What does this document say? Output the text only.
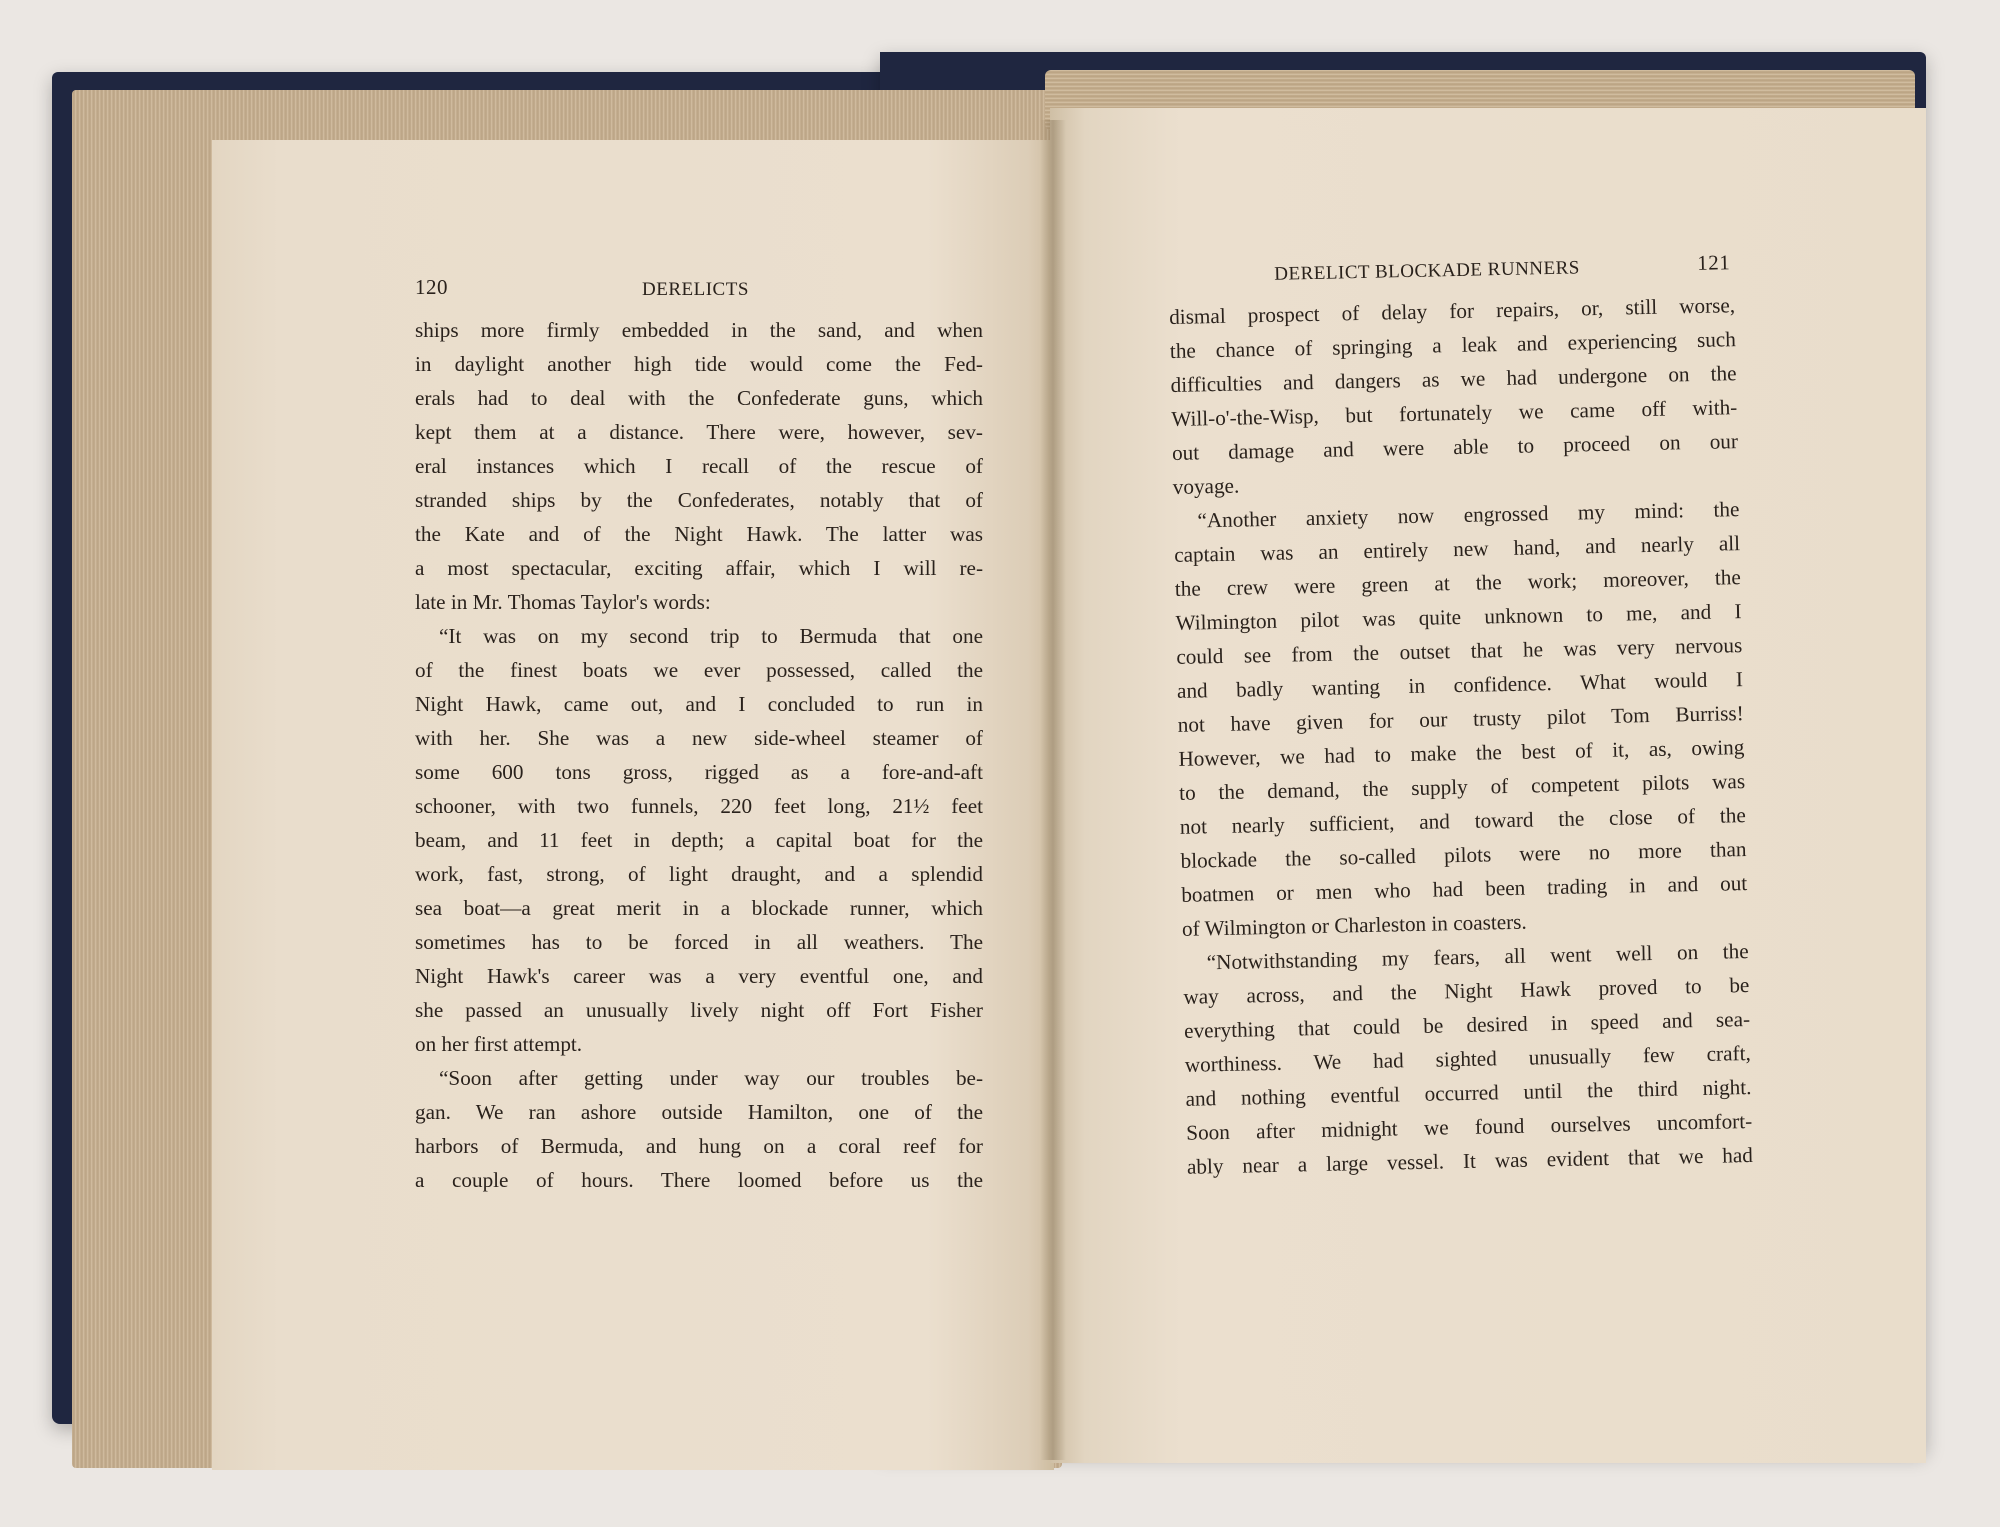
120	DERELICTS
ships more firmly embedded in the sand, and when
in daylight another high tide would come the Fed-
erals had to deal with the Confederate guns, which
kept them at a distance. There were, however, sev-
eral instances which I recall of the rescue of
stranded ships by the Confederates, notably that of
the Kate and of the Night Hawk. The latter was
a most spectacular, exciting affair, which I will re-
late in Mr. Thomas Taylor's words:
“It was on my second trip to Bermuda that one
of the finest boats we ever possessed, called the
Night Hawk, came out, and I concluded to run in
with her. She was a new side-wheel steamer of
some 600 tons gross, rigged as a fore-and-aft
schooner, with two funnels, 220 feet long, 21½ feet
beam, and 11 feet in depth; a capital boat for the
work, fast, strong, of light draught, and a splendid
sea boat—a great merit in a blockade runner, which
sometimes has to be forced in all weathers. The
Night Hawk's career was a very eventful one, and
she passed an unusually lively night off Fort Fisher
on her first attempt.
“Soon after getting under way our troubles be-
gan. We ran ashore outside Hamilton, one of the
harbors of Bermuda, and hung on a coral reef for
a couple of hours. There loomed before us the
DERELICT BLOCKADE RUNNERS	121
dismal prospect of delay for repairs, or, still worse,
the chance of springing a leak and experiencing such
difficulties and dangers as we had undergone on the
Will-o'-the-Wisp, but fortunately we came off with-
out damage and were able to proceed on our
voyage.
“Another anxiety now engrossed my mind: the
captain was an entirely new hand, and nearly all
the crew were green at the work; moreover, the
Wilmington pilot was quite unknown to me, and I
could see from the outset that he was very nervous
and badly wanting in confidence. What would I
not have given for our trusty pilot Tom Burriss!
However, we had to make the best of it, as, owing
to the demand, the supply of competent pilots was
not nearly sufficient, and toward the close of the
blockade the so-called pilots were no more than
boatmen or men who had been trading in and out
of Wilmington or Charleston in coasters.
“Notwithstanding my fears, all went well on the
way across, and the Night Hawk proved to be
everything that could be desired in speed and sea-
worthiness. We had sighted unusually few craft,
and nothing eventful occurred until the third night.
Soon after midnight we found ourselves uncomfort-
ably near a large vessel. It was evident that we had
